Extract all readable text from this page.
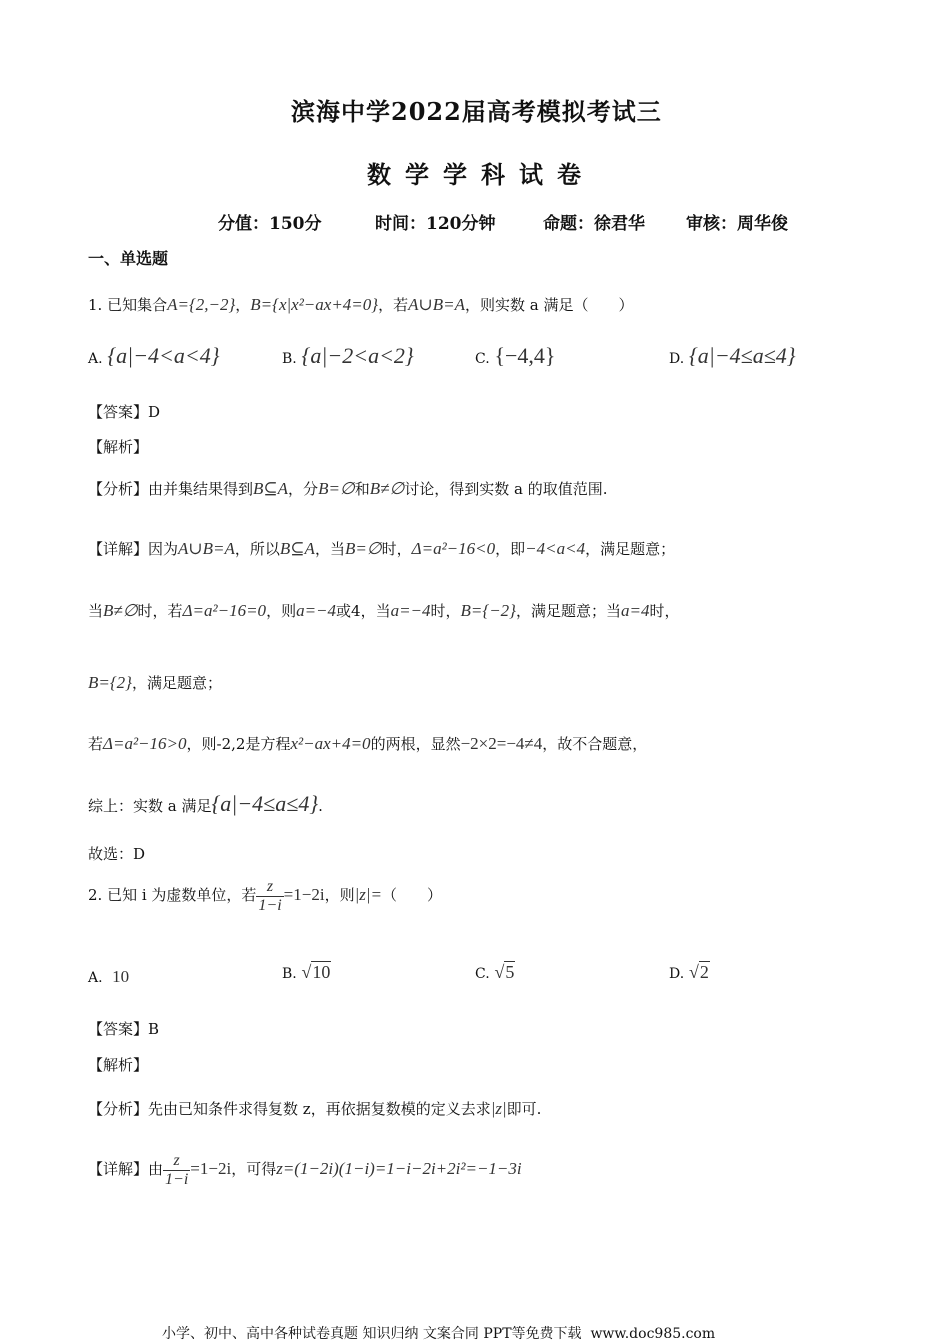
滨海中学2022届高考模拟考试三
数学学科试卷
分值：150分	时间：120分钟	命题：徐君华 审核：周华俊
一、单选题
1. 已知集合A={2,−2}，B={x|x²−ax+4=0}，若A∪B=A，则实数 a 满足（　　）
A. {a|−4<a<4}	B. {a|−2<a<2}	C. {−4,4}	D. {a|−4≤a≤4}
【答案】D
【解析】
【分析】由并集结果得到B⊆A，分B=∅和B≠∅讨论，得到实数 a 的取值范围.
【详解】因为A∪B=A，所以B⊆A，当B=∅时，Δ=a²−16<0，即−4<a<4，满足题意；
当B≠∅时，若Δ=a²−16=0，则a=−4或4，当a=−4时，B={−2}，满足题意；当a=4时，
B={2}，满足题意；
若Δ=a²−16>0，则-2,2是方程x²−ax+4=0的两根，显然−2×2=−4≠4，故不合题意，
综上：实数 a 满足{a|−4≤a≤4}.
故选：D
2. 已知 i 为虚数单位，若 $\frac{z}{1-i} =1-2i$，则|z|=（　　）
A. 10	B. √10	C. √5	D. √2
【答案】B
【解析】
【分析】先由已知条件求得复数 z，再依据复数模的定义去求|z|即可.
【详解】由 $\frac{z}{1-i} =1-2i$，可得z=(1−2i)(1−i)=1−i−2i+2i²=−1−3i
小学、初中、高中各种试卷真题 知识归纳 文案合同 PPT等免费下载 www.doc985.com
